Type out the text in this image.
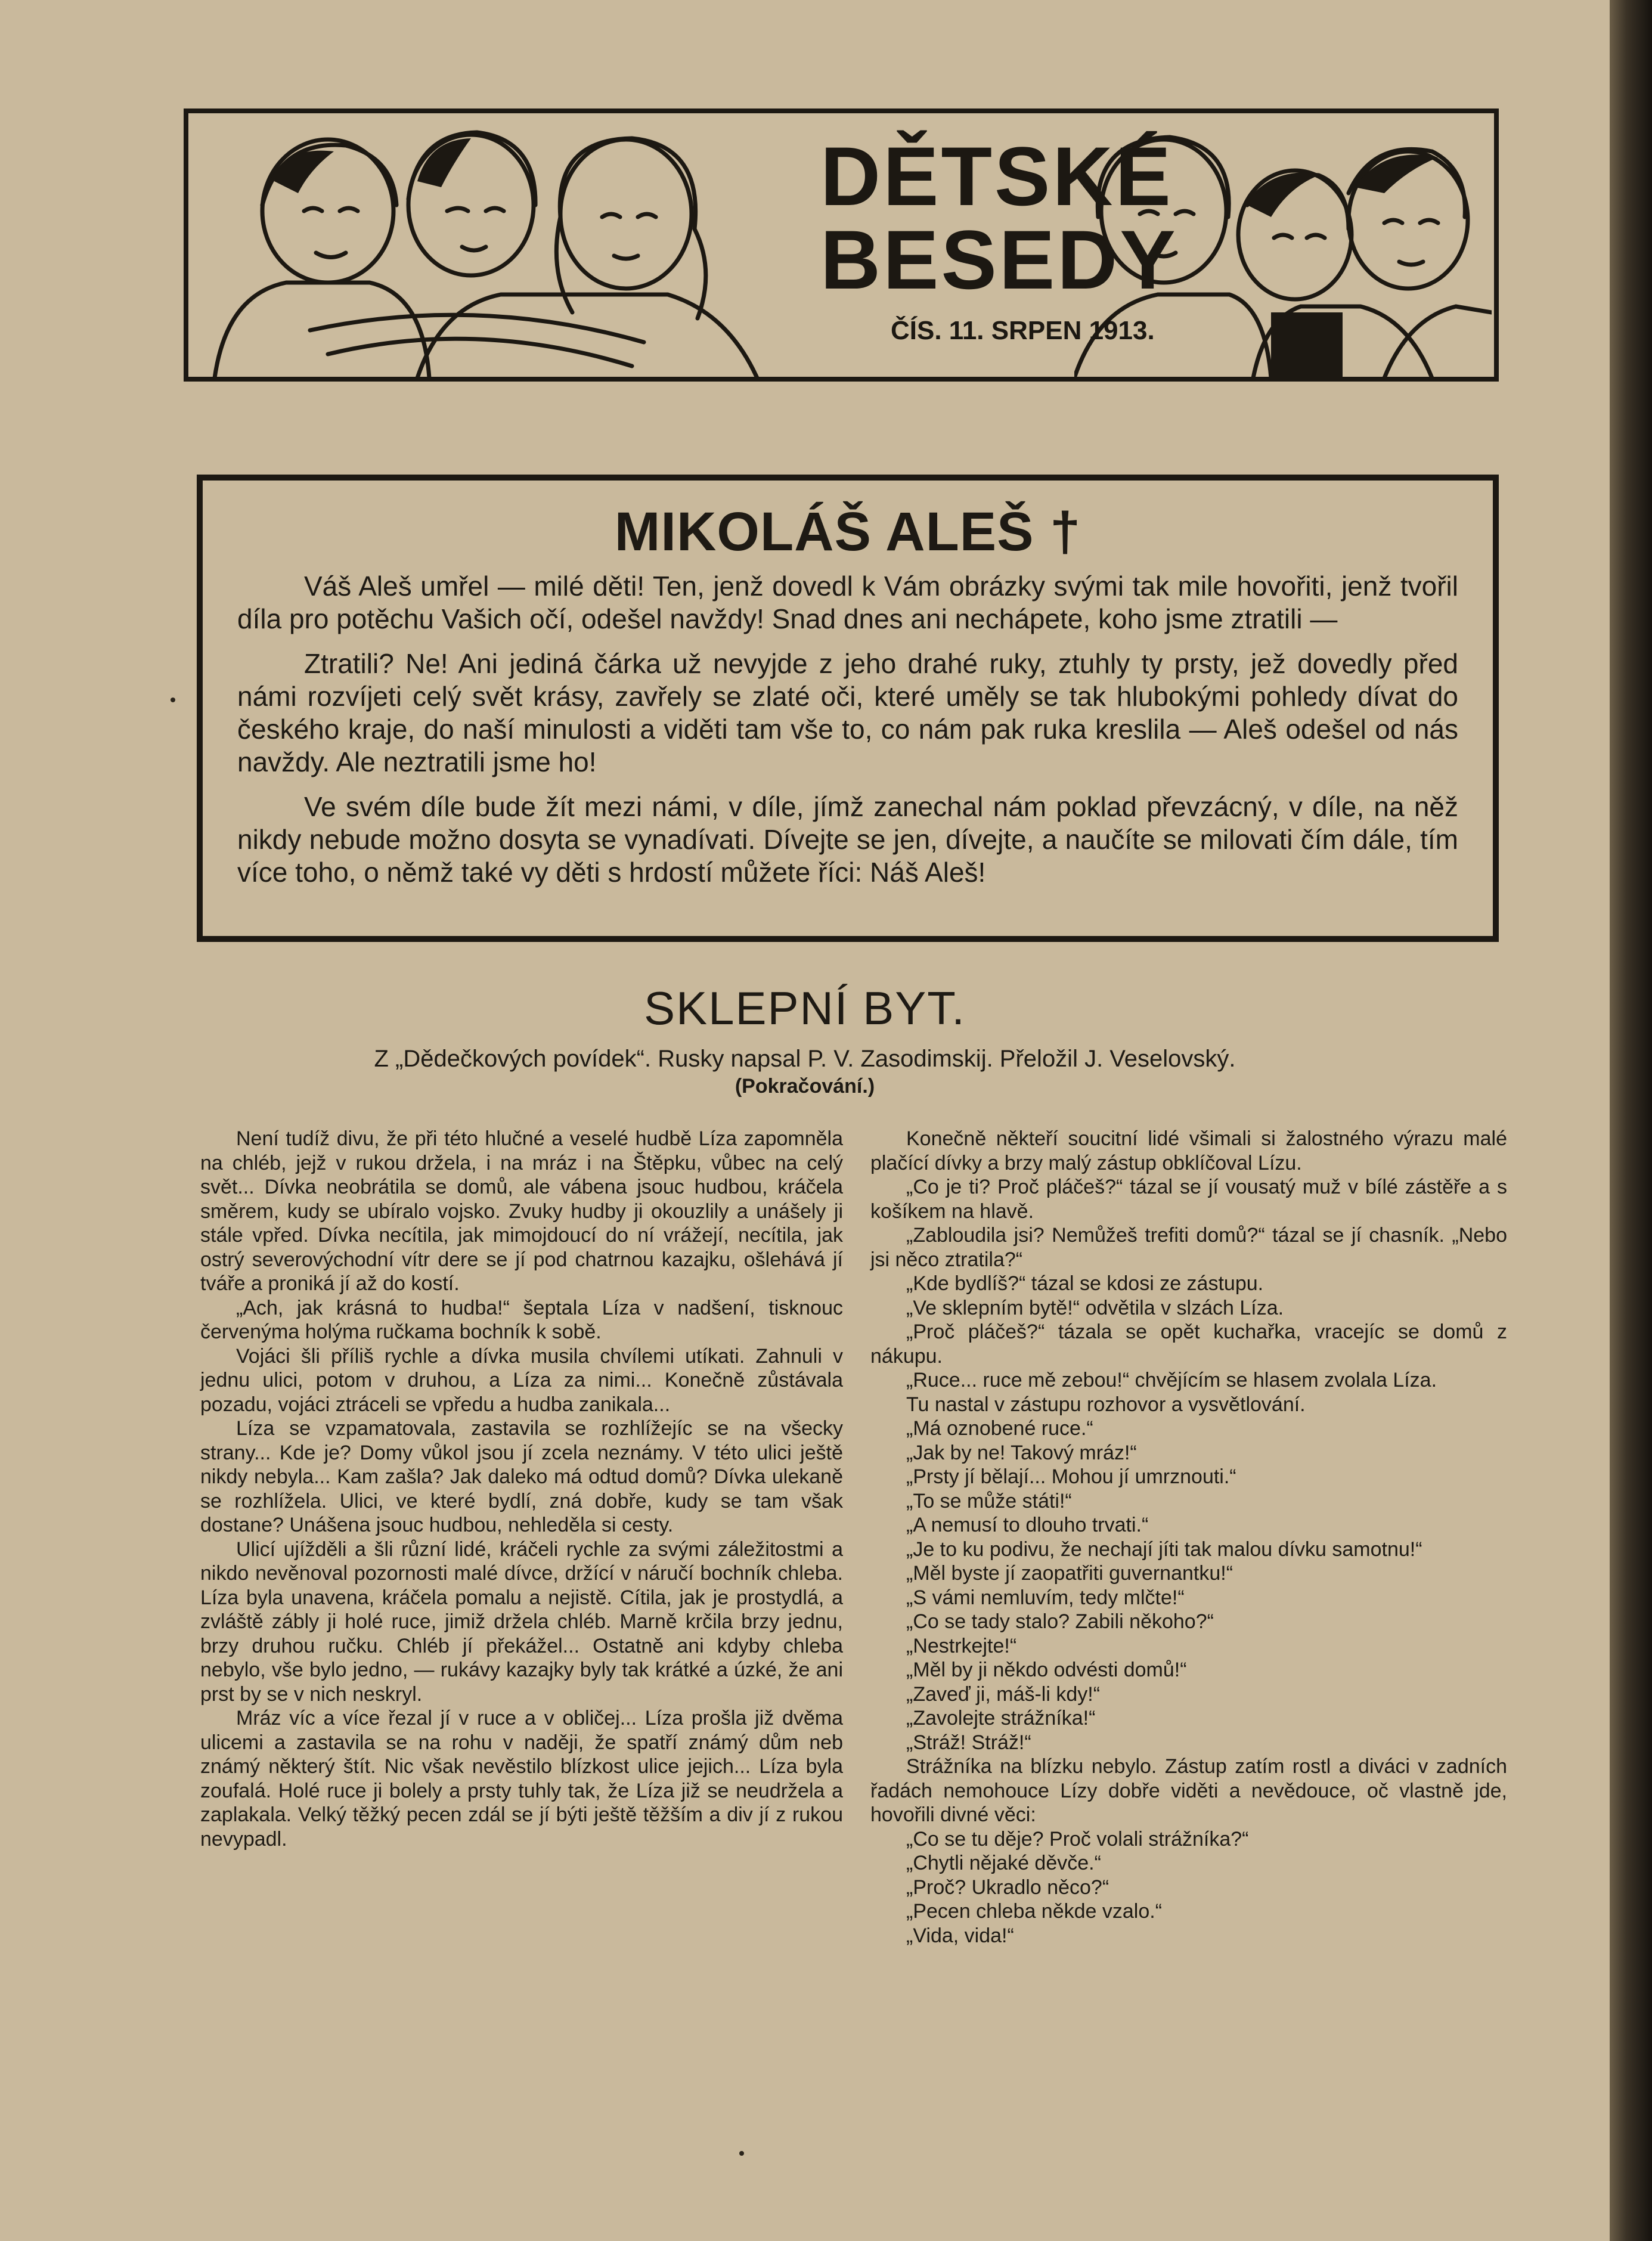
DĚTSKÉ
BESEDY
ČÍS. 11. SRPEN 1913.
MIKOLÁŠ ALEŠ †

Váš Aleš umřel — milé děti! Ten, jenž dovedl k Vám obrázky svými tak mile hovořiti, jenž tvořil díla pro potěchu Vašich očí, odešel navždy! Snad dnes ani nechápete, koho jsme ztratili —

Ztratili? Ne! Ani jediná čárka už nevyjde z jeho drahé ruky, ztuhly ty prsty, jež dovedly před námi rozvíjeti celý svět krásy, zavřely se zlaté oči, které uměly se tak hlubokými pohledy dívat do českého kraje, do naší minulosti a viděti tam vše to, co nám pak ruka kreslila — Aleš odešel od nás navždy. Ale neztratili jsme ho!

Ve svém díle bude žít mezi námi, v díle, jímž zanechal nám poklad převzácný, v díle, na něž nikdy nebude možno dosyta se vynadívati. Dívejte se jen, dívejte, a naučíte se milovati čím dále, tím více toho, o němž také vy děti s hrdostí můžete říci: Náš Aleš!

SKLEPNÍ BYT.
Z „Dědečkových povídek“. Rusky napsal P. V. Zasodimskij. Přeložil J. Veselovský.
(Pokračování.)

Není tudíž divu, že při této hlučné a veselé hudbě Líza zapomněla na chléb, jejž v rukou držela, i na mráz i na Štěpku, vůbec na celý svět... Dívka neobrátila se domů, ale vábena jsouc hudbou, kráčela směrem, kudy se ubíralo vojsko. Zvuky hudby ji okouzlily a unášely ji stále vpřed. Dívka necítila, jak mimojdoucí do ní vrážejí, necítila, jak ostrý severovýchodní vítr dere se jí pod chatrnou kazajku, ošlehává jí tváře a proniká jí až do kostí.

„Ach, jak krásná to hudba!“ šeptala Líza v nadšení, tisknouc červenýma holýma ručkama bochník k sobě.

Vojáci šli příliš rychle a dívka musila chvílemi utíkati. Zahnuli v jednu ulici, potom v druhou, a Líza za nimi... Konečně zůstávala pozadu, vojáci ztráceli se vpředu a hudba zanikala...

Líza se vzpamatovala, zastavila se rozhlížejíc se na všecky strany... Kde je? Domy vůkol jsou jí zcela neznámy. V této ulici ještě nikdy nebyla... Kam zašla? Jak daleko má odtud domů? Dívka ulekaně se rozhlížela. Ulici, ve které bydlí, zná dobře, kudy se tam však dostane? Unášena jsouc hudbou, nehleděla si cesty.

Ulicí ujížděli a šli různí lidé, kráčeli rychle za svými záležitostmi a nikdo nevěnoval pozornosti malé dívce, držící v náručí bochník chleba. Líza byla unavena, kráčela pomalu a nejistě. Cítila, jak je prostydlá, a zvláště zábly ji holé ruce, jimiž držela chléb. Marně krčila brzy jednu, brzy druhou ručku. Chléb jí překážel... Ostatně ani kdyby chleba nebylo, vše bylo jedno, — rukávy kazajky byly tak krátké a úzké, že ani prst by se v nich neskryl.

Mráz víc a více řezal jí v ruce a v obličej... Líza prošla již dvěma ulicemi a zastavila se na rohu v naději, že spatří známý dům neb známý některý štít. Nic však nevěstilo blízkost ulice jejich... Líza byla zoufalá. Holé ruce ji bolely a prsty tuhly tak, že Líza již se neudržela a zaplakala. Velký těžký pecen zdál se jí býti ještě těžším a div jí z rukou nevypadl.

Konečně někteří soucitní lidé všimali si žalostného výrazu malé plačící dívky a brzy malý zástup obklíčoval Lízu.

„Co je ti? Proč pláčeš?“ tázal se jí vousatý muž v bílé zástěře a s košíkem na hlavě.

„Zabloudila jsi? Nemůžeš trefiti domů?“ tázal se jí chasník. „Nebo jsi něco ztratila?“

„Kde bydlíš?“ tázal se kdosi ze zástupu.

„Ve sklepním bytě!“ odvětila v slzách Líza.

„Proč pláčeš?“ tázala se opět kuchařka, vracejíc se domů z nákupu.

„Ruce... ruce mě zebou!“ chvějícím se hlasem zvolala Líza.

Tu nastal v zástupu rozhovor a vysvětlování.

„Má oznobené ruce.“

„Jak by ne! Takový mráz!“

„Prsty jí bělají... Mohou jí umrznouti.“

„To se může státi!“

„A nemusí to dlouho trvati.“

„Je to ku podivu, že nechají jíti tak malou dívku samotnu!“

„Měl byste jí zaopatřiti guvernantku!“

„S vámi nemluvím, tedy mlčte!“

„Co se tady stalo? Zabili někoho?“

„Nestrkejte!“

„Měl by ji někdo odvésti domů!“

„Zaveď ji, máš-li kdy!“

„Zavolejte strážníka!“

„Stráž! Stráž!“

Strážníka na blízku nebylo. Zástup zatím rostl a diváci v zadních řadách nemohouce Lízy dobře viděti a nevědouce, oč vlastně jde, hovořili divné věci:

„Co se tu děje? Proč volali strážníka?“

„Chytli nějaké děvče.“

„Proč? Ukradlo něco?“

„Pecen chleba někde vzalo.“

„Vida, vida!“
